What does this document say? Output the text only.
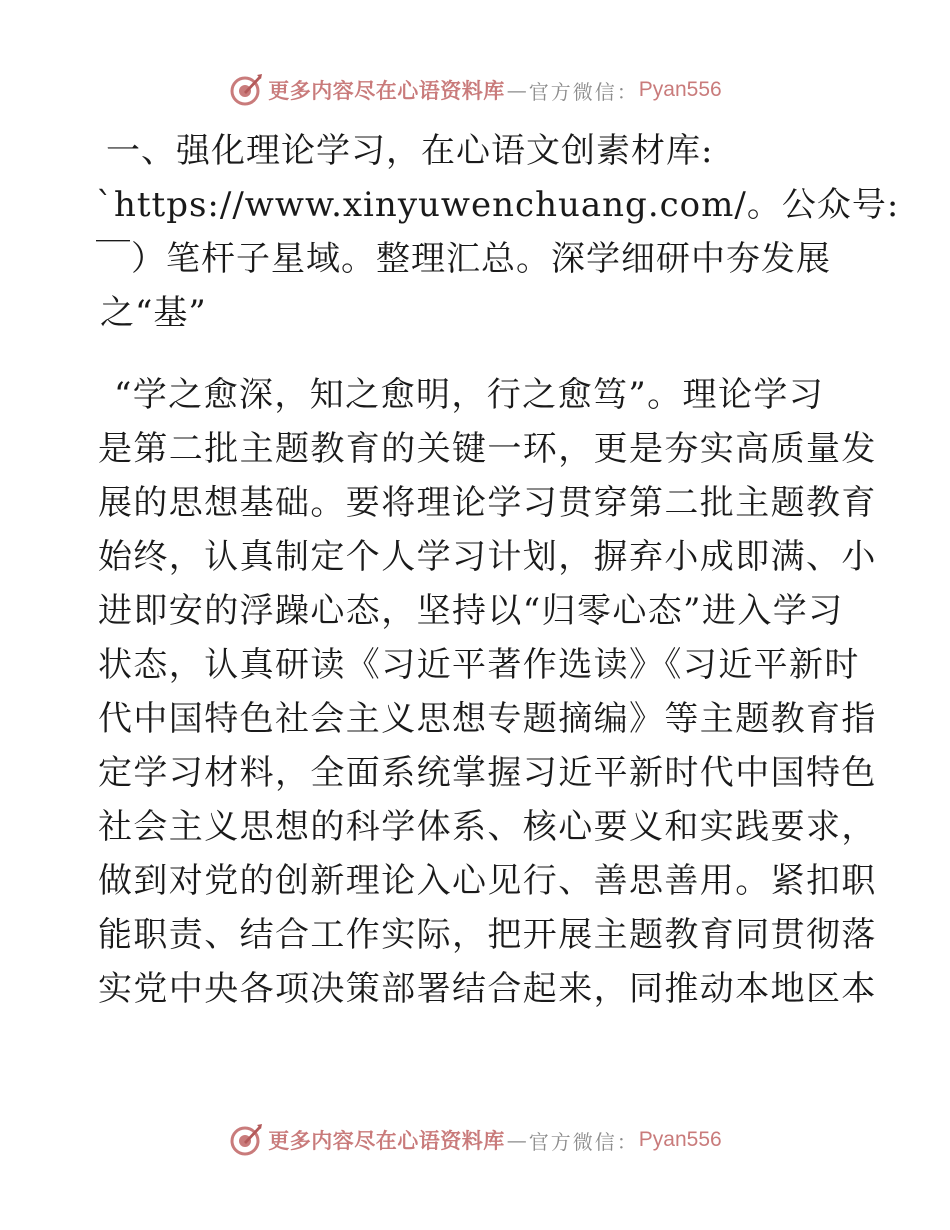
更多内容尽在心语资料库 — 官方微信： Pyan556
一、强化理论学习，在心语文创素材库:
`https://www.xinyuwenchuang.com/。公众号:
￣）笔杆子星域。整理汇总。深学细研中夯发展
之“基”
“学之愈深，知之愈明，行之愈笃”。理论学习
是第二批主题教育的关键一环，更是夯实高质量发
展的思想基础。要将理论学习贯穿第二批主题教育
始终，认真制定个人学习计划，摒弃小成即满、小
进即安的浮躁心态，坚持以“归零心态”进入学习
状态，认真研读《习近平著作选读》《习近平新时
代中国特色社会主义思想专题摘编》等主题教育指
定学习材料，全面系统掌握习近平新时代中国特色
社会主义思想的科学体系、核心要义和实践要求，
做到对党的创新理论入心见行、善思善用。紧扣职
能职责、结合工作实际，把开展主题教育同贯彻落
实党中央各项决策部署结合起来，同推动本地区本
更多内容尽在心语资料库 — 官方微信： Pyan556
